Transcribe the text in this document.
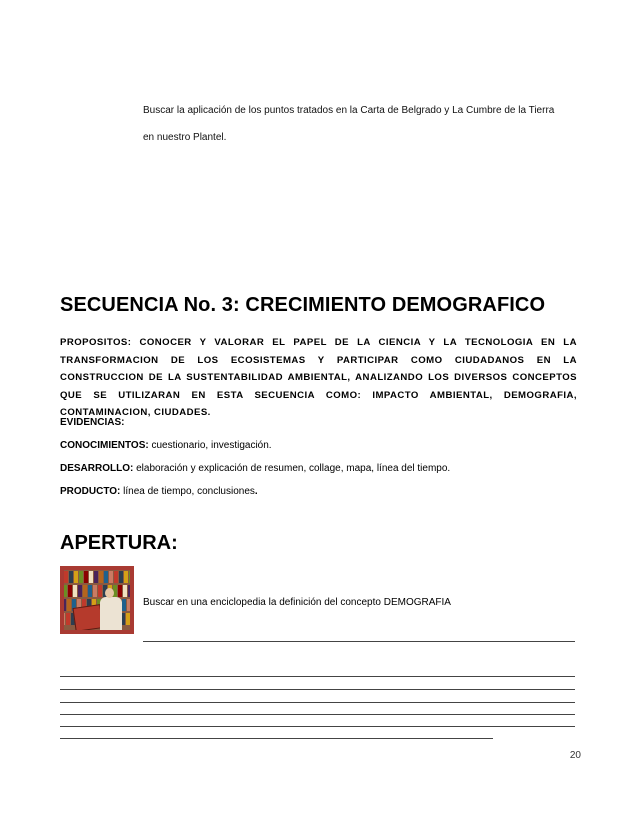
Buscar la aplicación de los puntos tratados en la Carta de Belgrado y La Cumbre de la Tierra
en nuestro Plantel.
SECUENCIA No. 3: CRECIMIENTO DEMOGRAFICO
PROPOSITOS: CONOCER Y VALORAR EL PAPEL DE LA CIENCIA Y LA TECNOLOGIA EN LA TRANSFORMACION DE LOS ECOSISTEMAS Y PARTICIPAR COMO CIUDADANOS EN LA CONSTRUCCION DE LA SUSTENTABILIDAD AMBIENTAL, ANALIZANDO LOS DIVERSOS CONCEPTOS QUE SE UTILIZARAN EN ESTA SECUENCIA COMO: IMPACTO AMBIENTAL, DEMOGRAFIA, CONTAMINACION, CIUDADES.
EVIDENCIAS:
CONOCIMIENTOS: cuestionario, investigación.
DESARROLLO: elaboración y explicación de resumen, collage, mapa, línea del tiempo.
PRODUCTO: línea de tiempo, conclusiones.
APERTURA:
Buscar en una enciclopedia la definición del concepto DEMOGRAFIA
20
